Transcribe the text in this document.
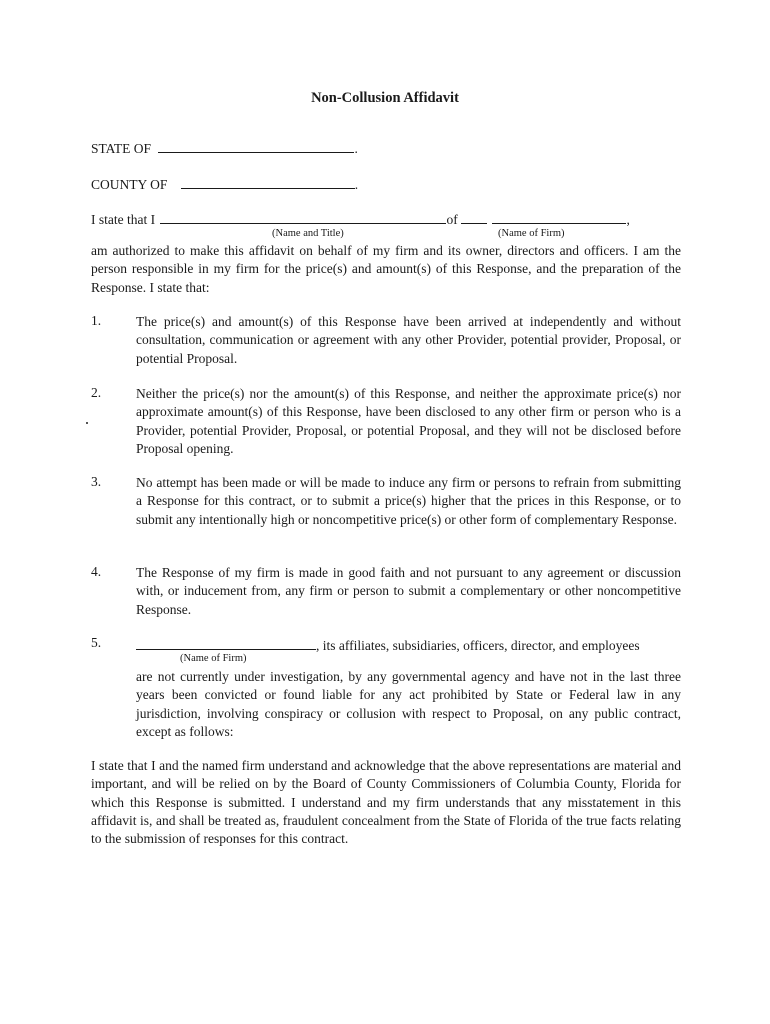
Non-Collusion Affidavit
STATE OF	.
COUNTY OF	.
I state that I	of	,
(Name and Title)	(Name of Firm)
am authorized to make this affidavit on behalf of my firm and its owner, directors and officers. I am the person responsible in my firm for the price(s) and amount(s) of this Response, and the preparation of the Response. I state that:
1.	The price(s) and amount(s) of this Response have been arrived at independently and without consultation, communication or agreement with any other Provider, potential provider, Proposal, or potential Proposal.
2.	Neither the price(s) nor the amount(s) of this Response, and neither the approximate price(s) nor approximate amount(s) of this Response, have been disclosed to any other firm or person who is a Provider, potential Provider, Proposal, or potential Proposal, and they will not be disclosed before Proposal opening.
3.	No attempt has been made or will be made to induce any firm or persons to refrain from submitting a Response for this contract, or to submit a price(s) higher that the prices in this Response, or to submit any intentionally high or noncompetitive price(s) or other form of complementary Response.
4.	The Response of my firm is made in good faith and not pursuant to any agreement or discussion with, or inducement from, any firm or person to submit a complementary or other noncompetitive Response.
5.	, its affiliates, subsidiaries, officers, director, and employees
(Name of Firm)
are not currently under investigation, by any governmental agency and have not in the last three years been convicted or found liable for any act prohibited by State or Federal law in any jurisdiction, involving conspiracy or collusion with respect to Proposal, on any public contract, except as follows:
I state that I and the named firm understand and acknowledge that the above representations are material and important, and will be relied on by the Board of County Commissioners of Columbia County, Florida for which this Response is submitted. I understand and my firm understands that any misstatement in this affidavit is, and shall be treated as, fraudulent concealment from the State of Florida of the true facts relating to the submission of responses for this contract.
